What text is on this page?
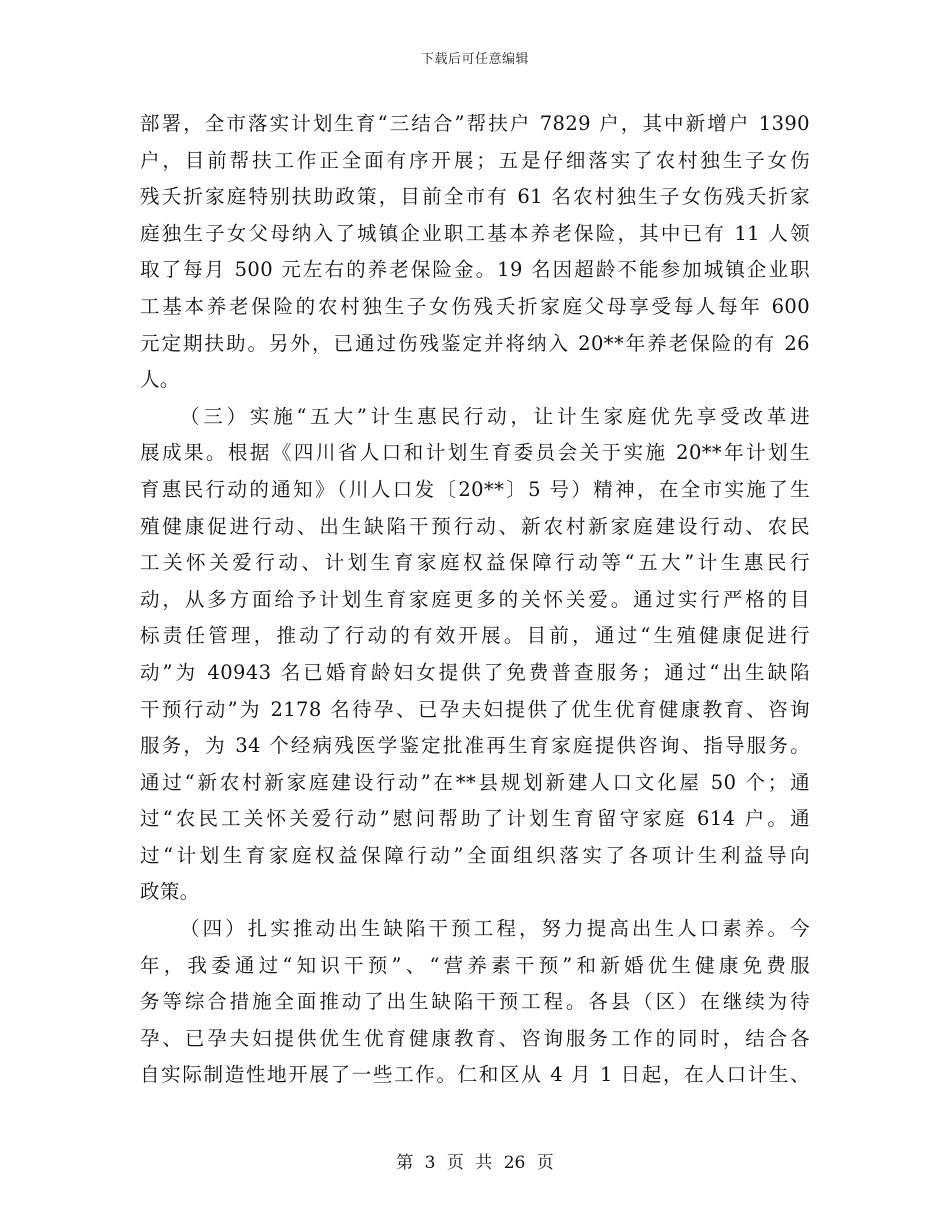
下载后可任意编辑
部署，全市落实计划生育“三结合”帮扶户 7829 户，其中新增户 1390
户，目前帮扶工作正全面有序开展；五是仔细落实了农村独生子女伤
残夭折家庭特别扶助政策，目前全市有 61 名农村独生子女伤残夭折家
庭独生子女父母纳入了城镇企业职工基本养老保险，其中已有 11 人领
取了每月 500 元左右的养老保险金。19 名因超龄不能参加城镇企业职
工基本养老保险的农村独生子女伤残夭折家庭父母享受每人每年 600
元定期扶助。另外，已通过伤残鉴定并将纳入 20**年养老保险的有 26
人。
（三）实施“五大”计生惠民行动，让计生家庭优先享受改革进
展成果。根据《四川省人口和计划生育委员会关于实施 20**年计划生
育惠民行动的通知》（川人口发〔20**〕5 号）精神，在全市实施了生
殖健康促进行动、出生缺陷干预行动、新农村新家庭建设行动、农民
工关怀关爱行动、计划生育家庭权益保障行动等“五大”计生惠民行
动，从多方面给予计划生育家庭更多的关怀关爱。通过实行严格的目
标责任管理，推动了行动的有效开展。目前，通过“生殖健康促进行
动”为 40943 名已婚育龄妇女提供了免费普查服务；通过“出生缺陷
干预行动”为 2178 名待孕、已孕夫妇提供了优生优育健康教育、咨询
服务，为 34 个经病残医学鉴定批准再生育家庭提供咨询、指导服务。
通过“新农村新家庭建设行动”在**县规划新建人口文化屋 50 个；通
过“农民工关怀关爱行动”慰问帮助了计划生育留守家庭 614 户。通
过“计划生育家庭权益保障行动”全面组织落实了各项计生利益导向
政策。
（四）扎实推动出生缺陷干预工程，努力提高出生人口素养。今
年，我委通过“知识干预”、“营养素干预”和新婚优生健康免费服
务等综合措施全面推动了出生缺陷干预工程。各县（区）在继续为待
孕、已孕夫妇提供优生优育健康教育、咨询服务工作的同时，结合各
自实际制造性地开展了一些工作。仁和区从 4 月 1 日起，在人口计生、
第 3 页 共 26 页
